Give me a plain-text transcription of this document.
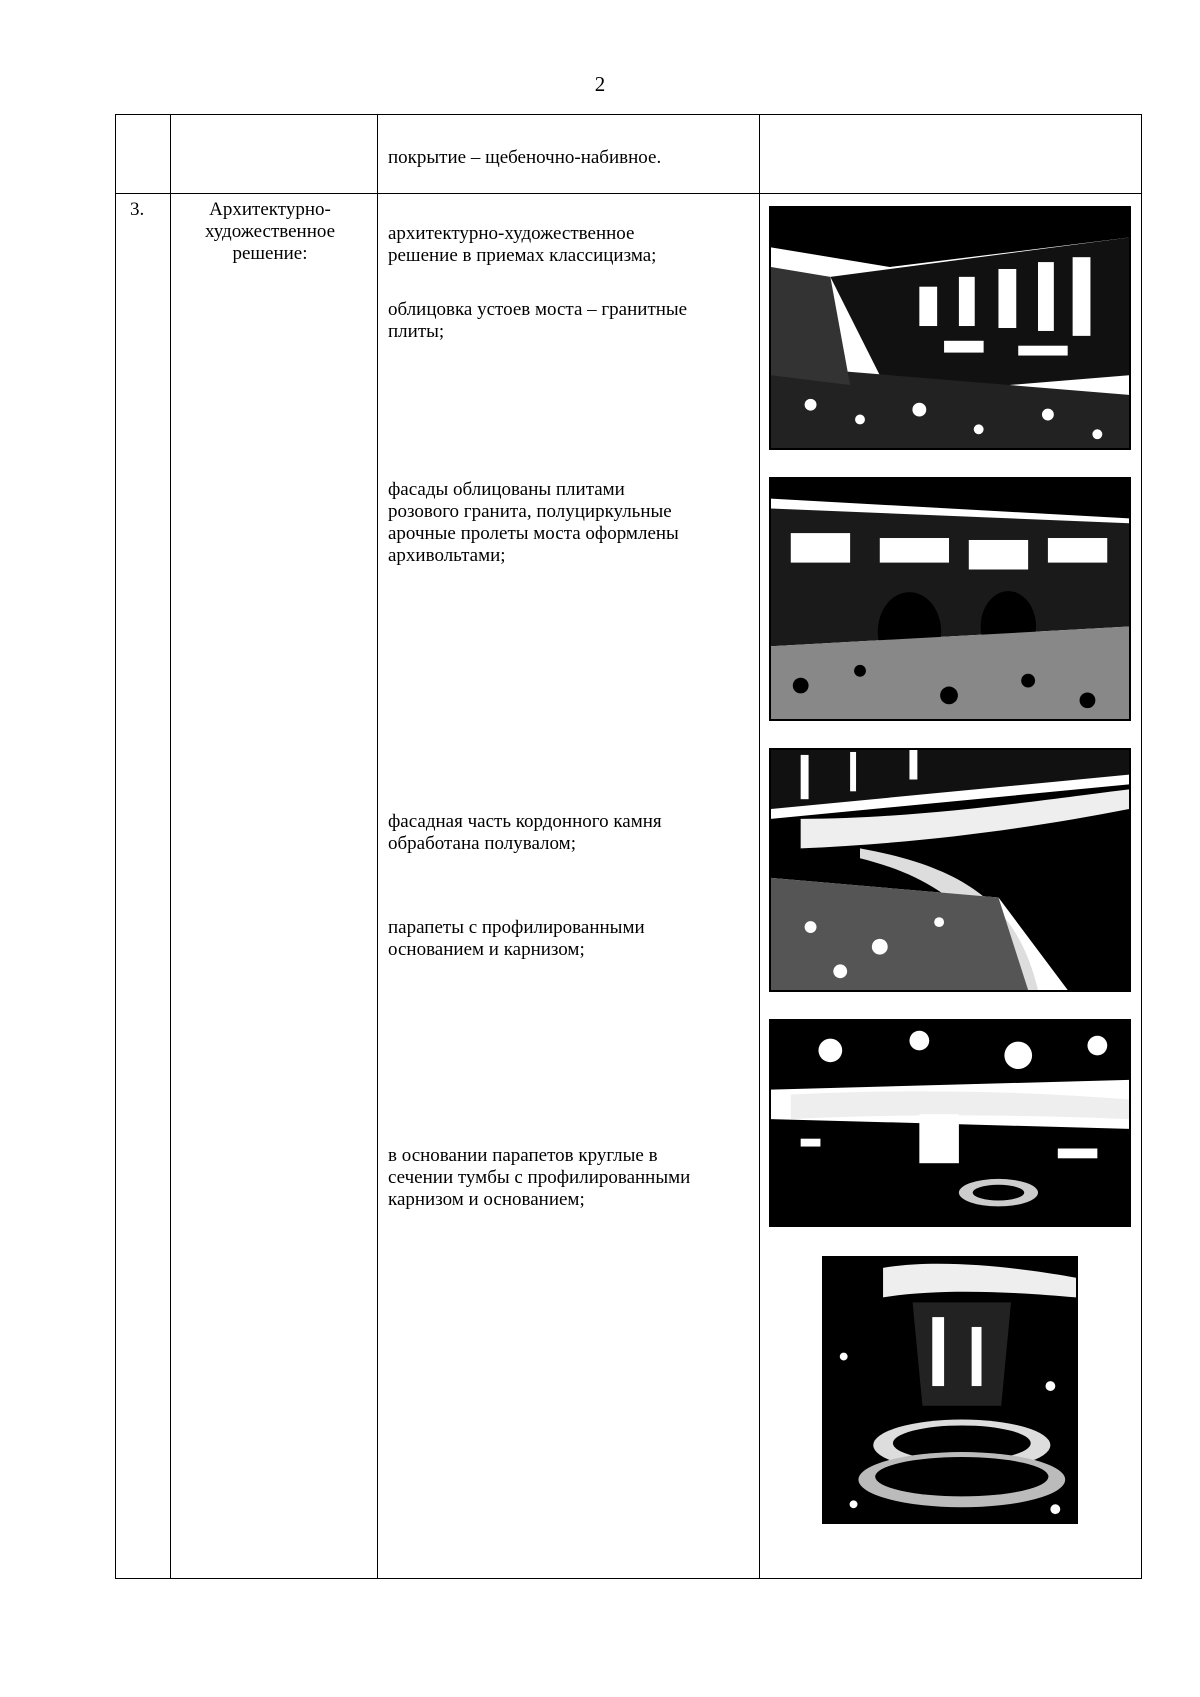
2
покрытие – щебеночно-набивное.
3.	Архитектурно-
художественное
решение:
архитектурно-художественное
решение в приемах классицизма;
облицовка устоев моста – гранитные
плиты;
фасады облицованы плитами
розового гранита, полуциркульные
арочные пролеты моста оформлены
архивольтами;
фасадная часть кордонного камня
обработана полувалом;
парапеты с профилированными
основанием и карнизом;
в основании парапетов круглые в
сечении тумбы с профилированными
карнизом и основанием;
